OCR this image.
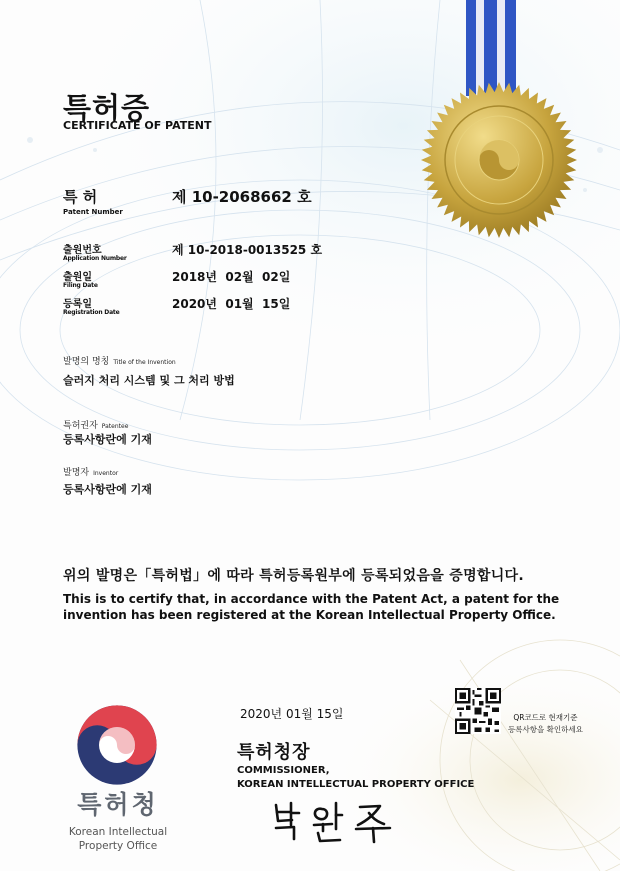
특허증
CERTIFICATE OF PATENT
특 허
Patent Number
제 10-2068662 호
출원번호
Application Number
제 10-2018-0013525 호
출원일
Filing Date
2018년  02월  02일
등록일
Registration Date
2020년  01월  15일
발명의 명칭 Title of the Invention
슬러지 처리 시스템 및 그 처리 방법
특허권자 Patentee
등록사항란에 기재
발명자 Inventor
등록사항란에 기재
위의 발명은「특허법」에 따라 특허등록원부에 등록되었음을 증명합니다.
This is to certify that, in accordance with the Patent Act, a patent for the invention has been registered at the Korean Intellectual Property Office.
특허청
Korean Intellectual
Property Office
2020년 01월 15일	QR코드로 현재기준
등록사항을 확인하세요
특허청장
COMMISSIONER,
KOREAN INTELLECTUAL PROPERTY OFFICE
